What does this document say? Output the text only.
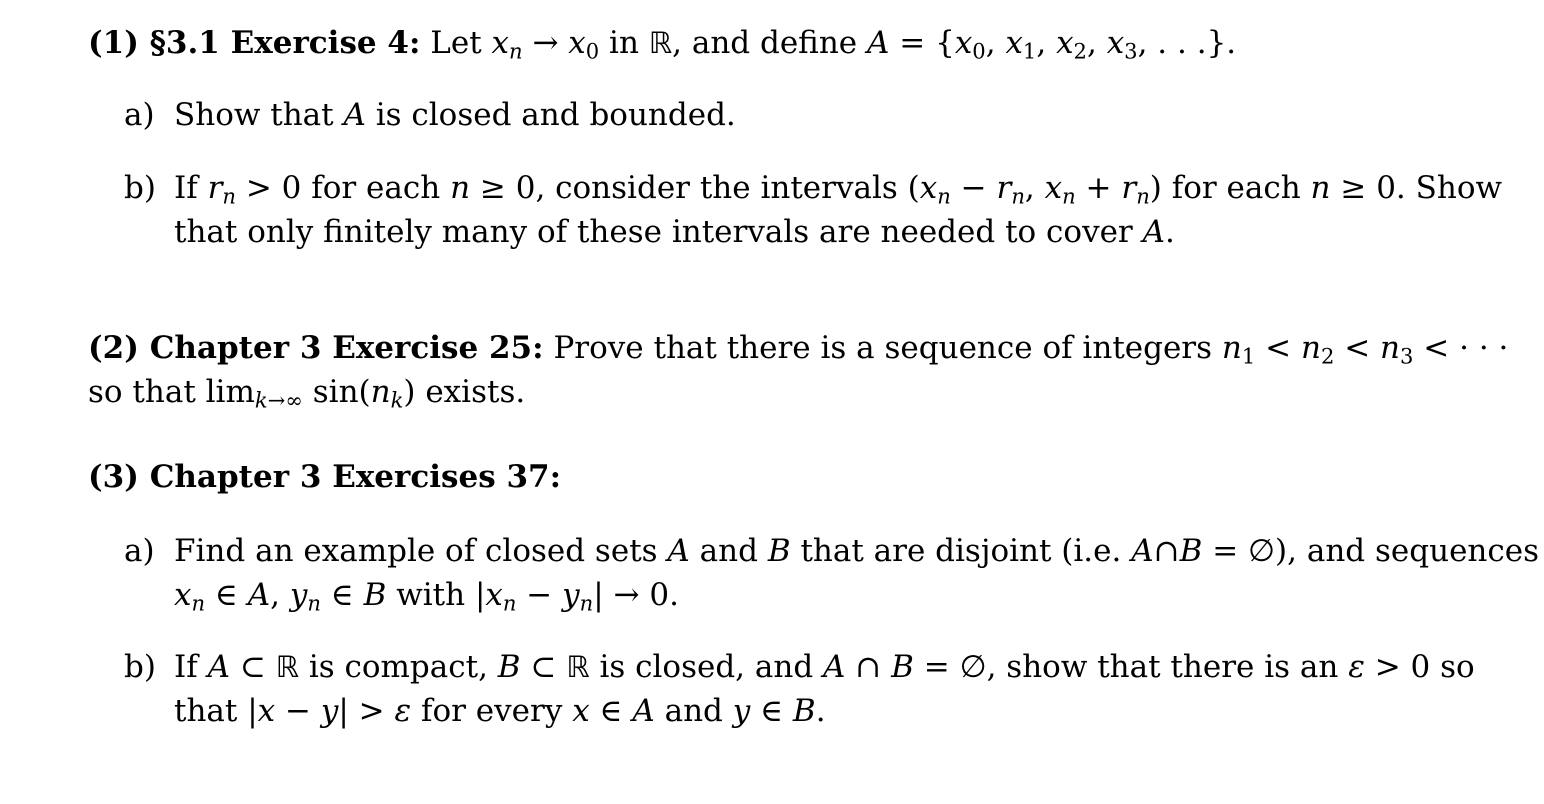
(1) §3.1 Exercise 4: Let $x_n \to x_0$ in ℝ, and define $A = \{x_0$, $x_1$, $x_2$, $x_3$, . . .}.
a) Show that A is closed and bounded.
b) If $r_n > 0$ for each n ≥ 0, consider the intervals ($x_n - r_n$, $x_n + r_n$) for each n ≥ 0. Show
that only finitely many of these intervals are needed to cover A.
(2) Chapter 3 Exercise 25: Prove that there is a sequence of integers $n_1 < n_2 < n_3$ < · · ·
so that $\lim_{k\to\infty} \sin(n_k)$ exists.
(3) Chapter 3 Exercises 37:
a) Find an example of closed sets A and B that are disjoint (i.e. A∩B = ∅), and sequences
$x_n$ ∈ A, $y_n$ ∈ B with $|x_n - y_n| \to 0$.
b) If A ⊂ ℝ is compact, B ⊂ ℝ is closed, and A ∩ B = ∅, show that there is an ε > 0 so
that |x − y| > ε for every x ∈ A and y ∈ B.
